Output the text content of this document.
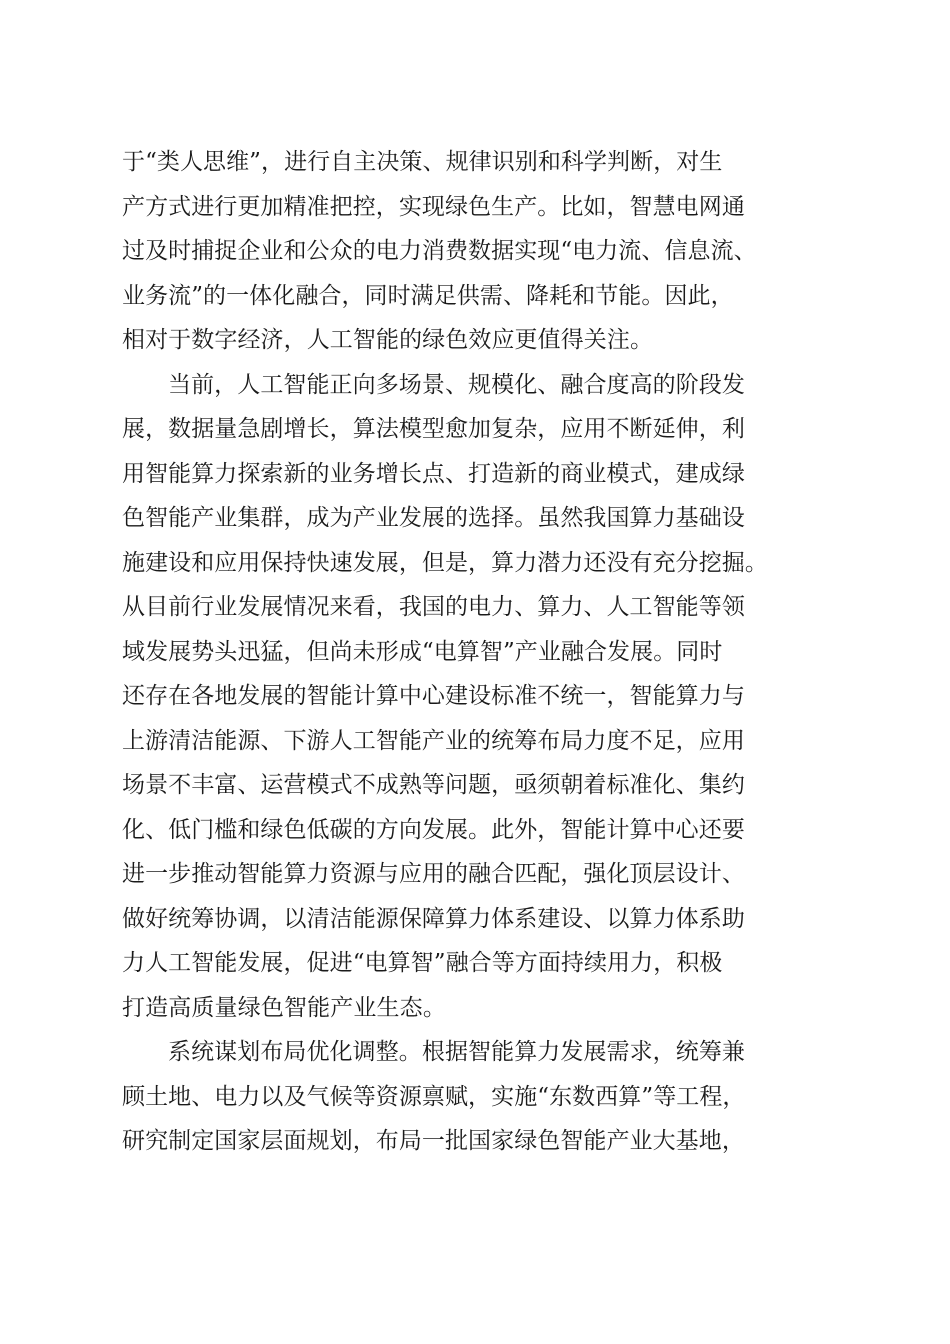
于“类人思维”，进行自主决策、规律识别和科学判断，对生
产方式进行更加精准把控，实现绿色生产。比如，智慧电网通
过及时捕捉企业和公众的电力消费数据实现“电力流、信息流、
业务流”的一体化融合，同时满足供需、降耗和节能。因此，
相对于数字经济，人工智能的绿色效应更值得关注。
当前，人工智能正向多场景、规模化、融合度高的阶段发
展，数据量急剧增长，算法模型愈加复杂，应用不断延伸，利
用智能算力探索新的业务增长点、打造新的商业模式，建成绿
色智能产业集群，成为产业发展的选择。虽然我国算力基础设
施建设和应用保持快速发展，但是，算力潜力还没有充分挖掘。
从目前行业发展情况来看，我国的电力、算力、人工智能等领
域发展势头迅猛，但尚未形成“电算智”产业融合发展。同时
还存在各地发展的智能计算中心建设标准不统一，智能算力与
上游清洁能源、下游人工智能产业的统筹布局力度不足，应用
场景不丰富、运营模式不成熟等问题，亟须朝着标准化、集约
化、低门槛和绿色低碳的方向发展。此外，智能计算中心还要
进一步推动智能算力资源与应用的融合匹配，强化顶层设计、
做好统筹协调，以清洁能源保障算力体系建设、以算力体系助
力人工智能发展，促进“电算智”融合等方面持续用力，积极
打造高质量绿色智能产业生态。
系统谋划布局优化调整。根据智能算力发展需求，统筹兼
顾土地、电力以及气候等资源禀赋，实施“东数西算”等工程，
研究制定国家层面规划，布局一批国家绿色智能产业大基地，
